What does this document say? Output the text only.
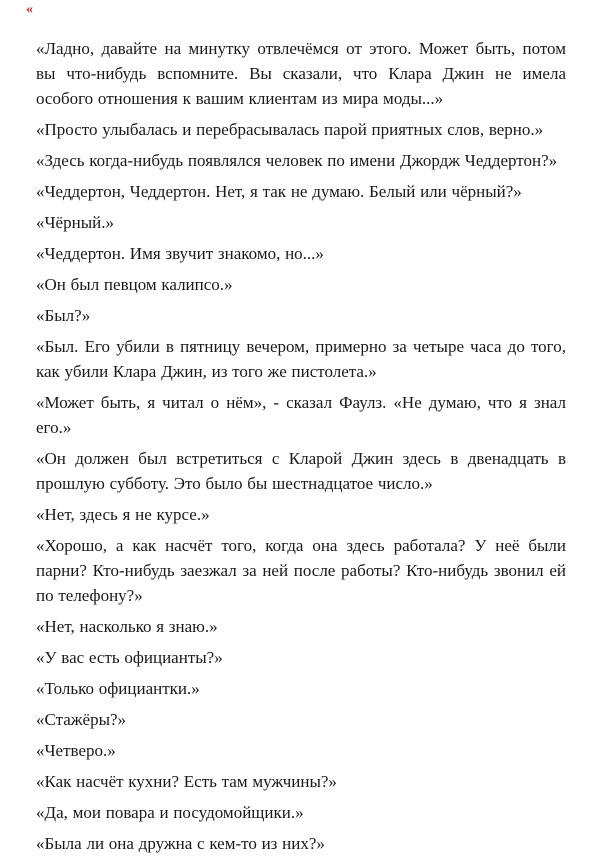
«

«Ладно, давайте на минутку отвлечёмся от этого. Может быть, потом вы что-нибудь вспомните. Вы сказали, что Клара Джин не имела особого отношения к вашим клиентам из мира моды...»

«Просто улыбалась и перебрасывалась парой приятных слов, верно.»

«Здесь когда-нибудь появлялся человек по имени Джордж Чеддертон?»

«Чеддертон, Чеддертон. Нет, я так не думаю. Белый или чёрный?»

«Чёрный.»

«Чеддертон. Имя звучит знакомо, но...»

«Он был певцом калипсо.»

«Был?»

«Был. Его убили в пятницу вечером, примерно за четыре часа до того, как убили Клара Джин, из того же пистолета.»

«Может быть, я читал о нём», - сказал Фаулз. «Не думаю, что я знал его.»

«Он должен был встретиться с Кларой Джин здесь в двенадцать в прошлую субботу. Это было бы шестнадцатое число.»

«Нет, здесь я не курсе.»

«Хорошо, а как насчёт того, когда она здесь работала? У неё были парни? Кто-нибудь заезжал за ней после работы? Кто-нибудь звонил ей по телефону?»

«Нет, насколько я знаю.»

«У вас есть официанты?»

«Только официантки.»

«Стажёры?»

«Четверо.»

«Как насчёт кухни? Есть там мужчины?»

«Да, мои повара и посудомойщики.»

«Была ли она дружна с кем-то из них?»
